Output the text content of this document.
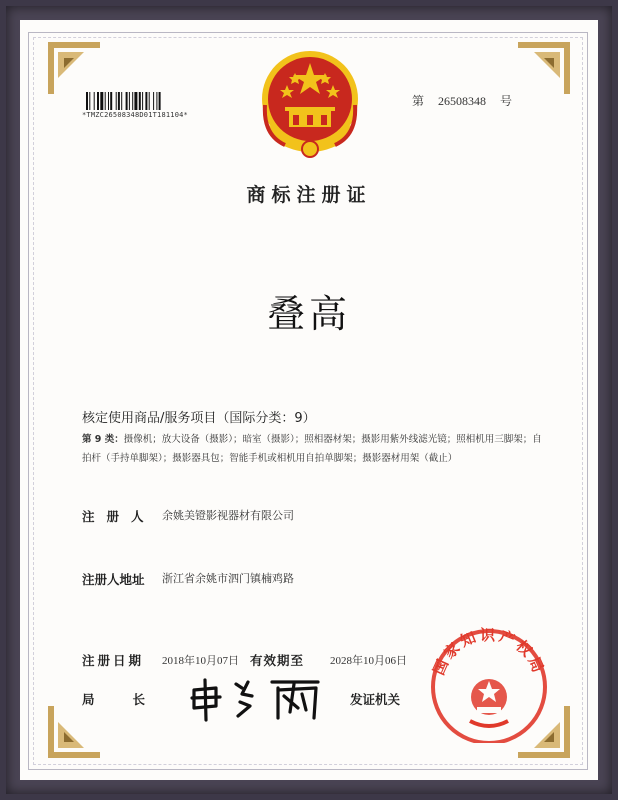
*TMZC26508348D01T181104*
第 26508348 号
商标注册证
叠高
核定使用商品/服务项目（国际分类：9）
第 9 类：摄像机；放大设备（摄影）；暗室（摄影）；照相器材架；摄影用紫外线滤光镜；照相机用三脚架；自拍杆（手持单脚架）；摄影器具包；智能手机或相机用自拍单脚架；摄影器材用架（截止）
注册人 余姚美镫影视器材有限公司
注册人地址 浙江省余姚市泗门镇楠鸡路
注册日期 2018年10月07日 有效期至 2028年10月06日
局长	发证机关
国家知识产权局
